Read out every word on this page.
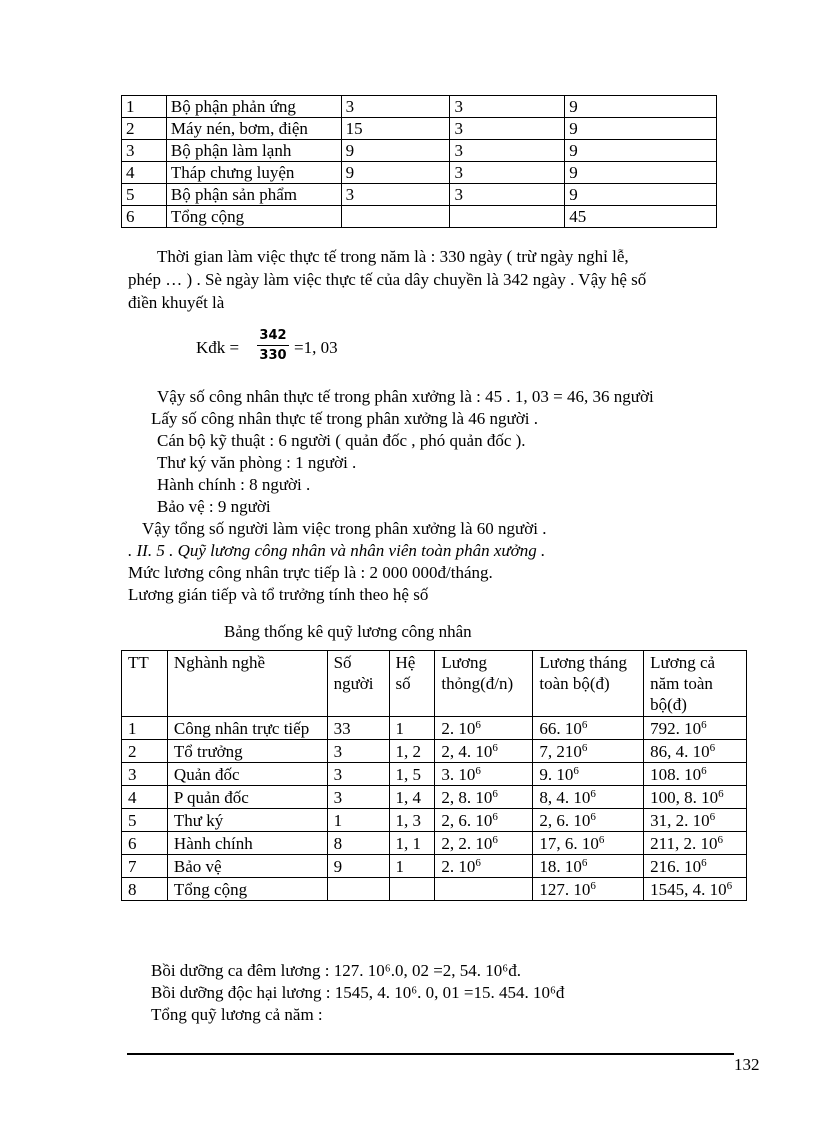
1	Bộ phận phản ứng	3	3	9
2	Máy nén, bơm, điện	15	3	9
3	Bộ phận làm lạnh	9	3	9
4	Tháp chưng luyện	9	3	9
5	Bộ phận sản phẩm	3	3	9
6	Tổng cộng			45
Thời gian làm việc thực tế trong năm là : 330 ngày ( trừ ngày nghỉ lễ,
phép … ) . Sè ngày làm việc thực tế của dây chuyền là 342 ngày . Vậy hệ số
điền khuyết là
Kđk = $\frac{342}{330} =1$, 03
Vậy số công nhân thực tế trong phân xưởng là : 45 . 1, 03 = 46, 36 người
Lấy số công nhân thực tế trong phân xưởng là 46 người .
Cán bộ kỹ thuật : 6 người ( quản đốc , phó quản đốc ).
Thư ký văn phòng : 1 người .
Hành chính : 8 người .
Bảo vệ : 9 người
Vậy tổng số người làm việc trong phân xưởng là 60 người .
. II. 5 . Quỹ lương công nhân và nhân viên toàn phân xưởng .
Mức lương công nhân trực tiếp là : 2 000 000đ/tháng.
Lương gián tiếp và tổ trưởng tính theo hệ số
Bảng thống kê quỹ lương công nhân
TT	Nghành nghề	Số người	Hệ số	Lương thỏng(đ/n)	Lương tháng toàn bộ(đ)	Lương cả năm toàn bộ(đ)
1	Công nhân trực tiếp	33	1	2. $10^6$	66. $10^6$	792. $10^6$
2	Tổ trưởng	3	1, 2	2, 4. $10^6$	7, $210^6$	86, 4. $10^6$
3	Quản đốc	3	1, 5	3. $10^6$	9. $10^6$	108. $10^6$
4	P quản đốc	3	1, 4	2, 8. $10^6$	8, 4. $10^6$	100, 8. $10^6$
5	Thư ký	1	1, 3	2, 6. $10^6$	2, 6. $10^6$	31, 2. $10^6$
6	Hành chính	8	1, 1	2, 2. $10^6$	17, 6. $10^6$	211, 2. $10^6$
7	Bảo vệ	9	1	2. $10^6$	18. $10^6$	216. $10^6$
8	Tổng cộng				127. $10^6$	1545, 4. $10^6$
Bồi dưỡng ca đêm lương : 127. 10⁶.0, 02 =2, 54. 10⁶đ.
Bồi dưỡng độc hại lương : 1545, 4. 10⁶. 0, 01 =15. 454. 10⁶đ
Tổng quỹ lương cả năm :
132
